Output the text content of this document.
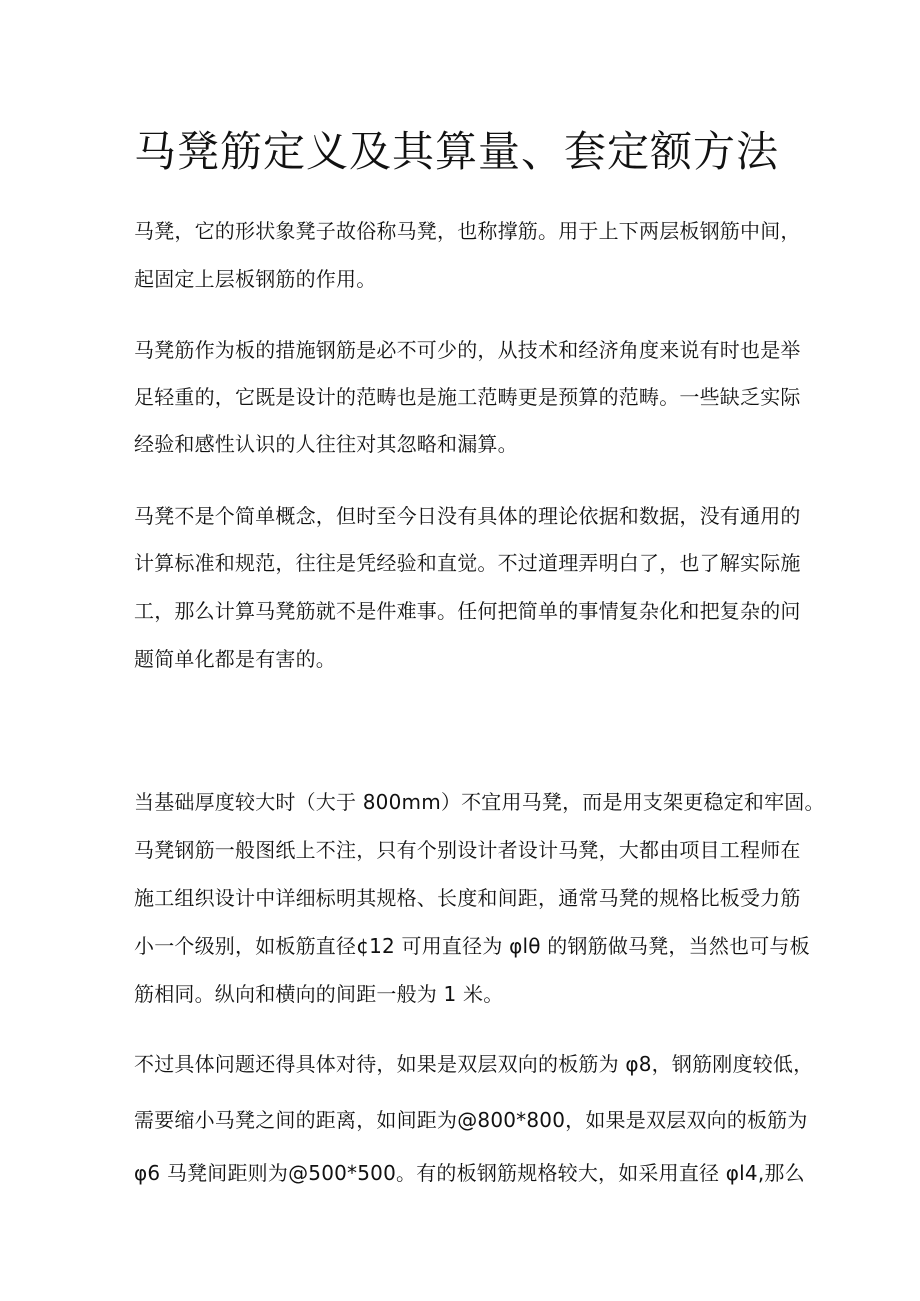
马凳筋定义及其算量、套定额方法

马凳，它的形状象凳子故俗称马凳，也称撑筋。用于上下两层板钢筋中间，

起固定上层板钢筋的作用。

马凳筋作为板的措施钢筋是必不可少的，从技术和经济角度来说有时也是举

足轻重的，它既是设计的范畴也是施工范畴更是预算的范畴。一些缺乏实际

经验和感性认识的人往往对其忽略和漏算。

马凳不是个简单概念，但时至今日没有具体的理论依据和数据，没有通用的

计算标准和规范，往往是凭经验和直觉。不过道理弄明白了，也了解实际施

工，那么计算马凳筋就不是件难事。任何把简单的事情复杂化和把复杂的问

题简单化都是有害的。

当基础厚度较大时（大于 800mm）不宜用马凳，而是用支架更稳定和牢固。

马凳钢筋一般图纸上不注，只有个别设计者设计马凳，大都由项目工程师在

施工组织设计中详细标明其规格、长度和间距，通常马凳的规格比板受力筋

小一个级别，如板筋直径¢12 可用直径为 φlθ 的钢筋做马凳，当然也可与板

筋相同。纵向和横向的间距一般为 1 米。

不过具体问题还得具体对待，如果是双层双向的板筋为 φ8，钢筋刚度较低，

需要缩小马凳之间的距离，如间距为@800*800，如果是双层双向的板筋为

φ6 马凳间距则为@500*500。有的板钢筋规格较大，如采用直径 φl4,那么
